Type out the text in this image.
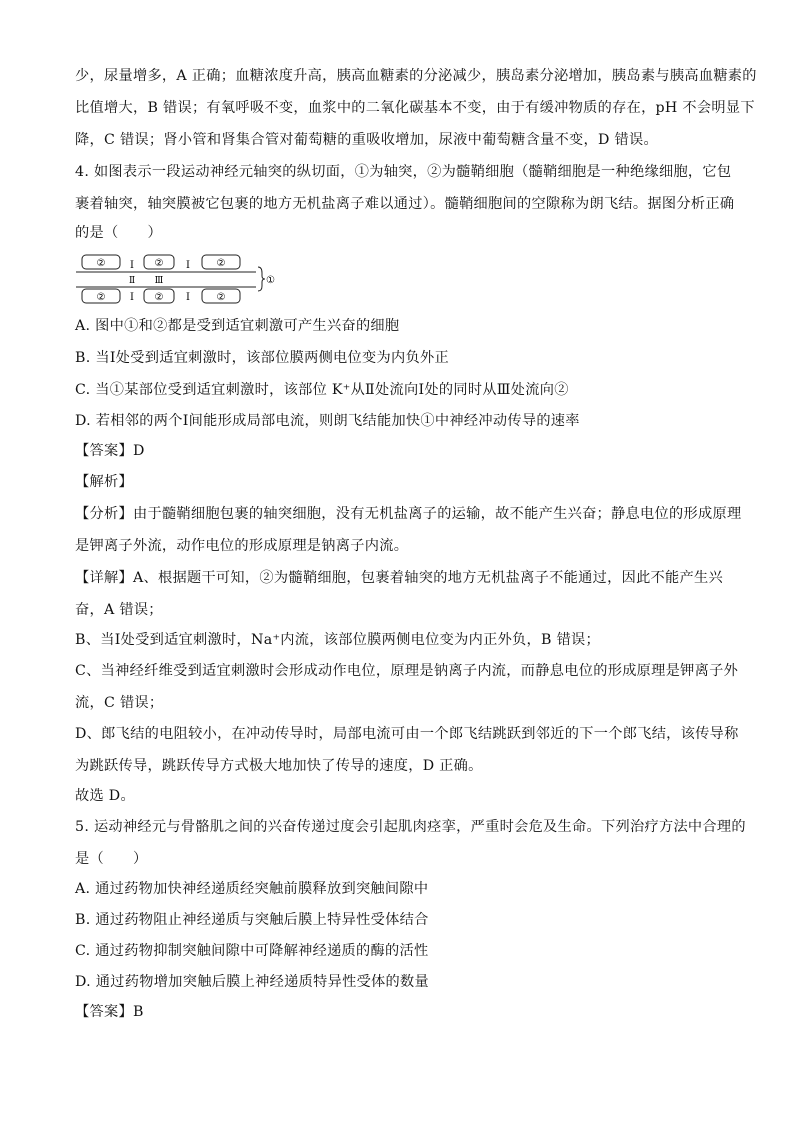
少，尿量增多，A 正确；血糖浓度升高，胰高血糖素的分泌减少，胰岛素分泌增加，胰岛素与胰高血糖素的
比值增大，B 错误；有氧呼吸不变，血浆中的二氧化碳基本不变，由于有缓冲物质的存在，pH 不会明显下
降，C 错误；肾小管和肾集合管对葡萄糖的重吸收增加，尿液中葡萄糖含量不变，D 错误。
4. 如图表示一段运动神经元轴突的纵切面，①为轴突，②为髓鞘细胞（髓鞘细胞是一种绝缘细胞，它包
裹着轴突，轴突膜被它包裹的地方无机盐离子难以通过）。髓鞘细胞间的空隙称为朗飞结。据图分析正确
的是（　　）
②	②	②
Ⅰ	Ⅰ
Ⅱ Ⅲ
②	②	②
Ⅰ	Ⅰ
①
A. 图中①和②都是受到适宜刺激可产生兴奋的细胞
B. 当Ⅰ处受到适宜刺激时，该部位膜两侧电位变为内负外正
C. 当①某部位受到适宜刺激时，该部位 K⁺从Ⅱ处流向Ⅰ处的同时从Ⅲ处流向②
D. 若相邻的两个Ⅰ间能形成局部电流，则朗飞结能加快①中神经冲动传导的速率
【答案】D
【解析】
【分析】由于髓鞘细胞包裹的轴突细胞，没有无机盐离子的运输，故不能产生兴奋；静息电位的形成原理
是钾离子外流，动作电位的形成原理是钠离子内流。
【详解】A、根据题干可知，②为髓鞘细胞，包裹着轴突的地方无机盐离子不能通过，因此不能产生兴
奋，A 错误；
B、当Ⅰ处受到适宜刺激时，Na⁺内流，该部位膜两侧电位变为内正外负，B 错误；
C、当神经纤维受到适宜刺激时会形成动作电位，原理是钠离子内流，而静息电位的形成原理是钾离子外
流，C 错误；
D、郎飞结的电阻较小，在冲动传导时，局部电流可由一个郎飞结跳跃到邻近的下一个郎飞结，该传导称
为跳跃传导，跳跃传导方式极大地加快了传导的速度，D 正确。
故选 D。
5. 运动神经元与骨骼肌之间的兴奋传递过度会引起肌肉痉挛，严重时会危及生命。下列治疗方法中合理的
是（　　）
A. 通过药物加快神经递质经突触前膜释放到突触间隙中
B. 通过药物阻止神经递质与突触后膜上特异性受体结合
C. 通过药物抑制突触间隙中可降解神经递质的酶的活性
D. 通过药物增加突触后膜上神经递质特异性受体的数量
【答案】B
